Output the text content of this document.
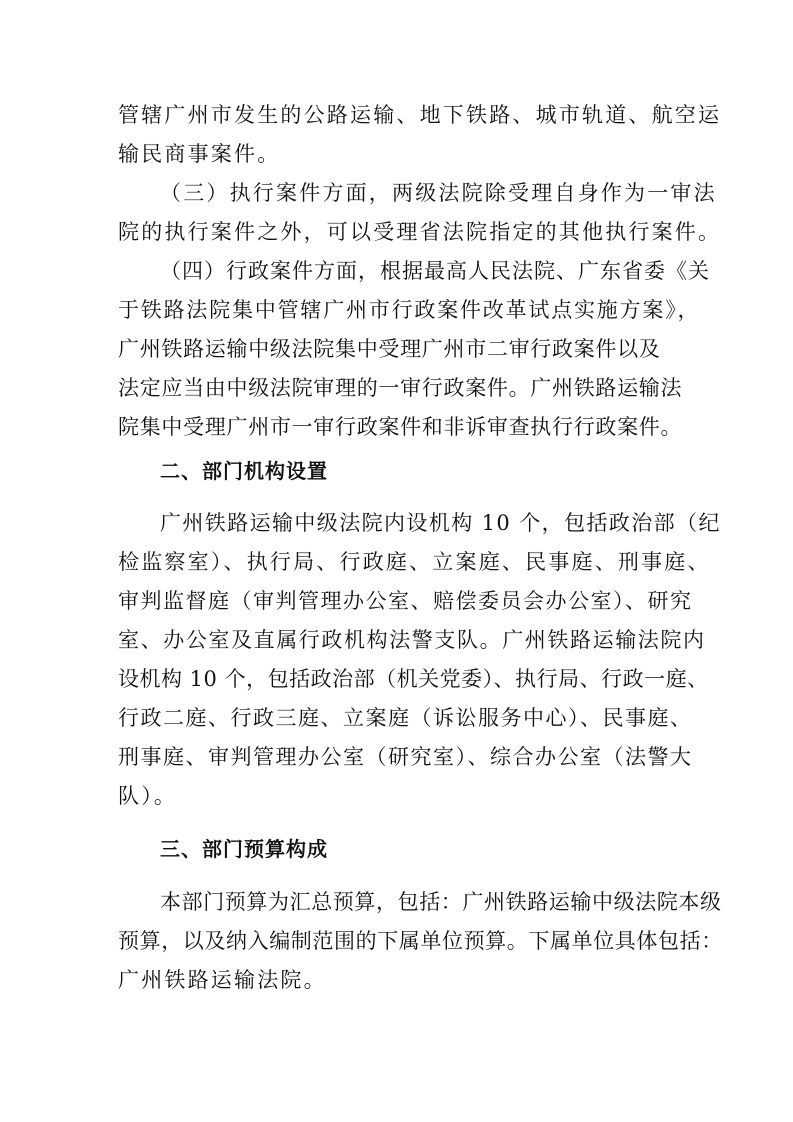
管辖广州市发生的公路运输、地下铁路、城市轨道、航空运
输民商事案件。
（三）执行案件方面，两级法院除受理自身作为一审法
院的执行案件之外，可以受理省法院指定的其他执行案件。
（四）行政案件方面，根据最高人民法院、广东省委《关
于铁路法院集中管辖广州市行政案件改革试点实施方案》，
广州铁路运输中级法院集中受理广州市二审行政案件以及
法定应当由中级法院审理的一审行政案件。广州铁路运输法
院集中受理广州市一审行政案件和非诉审查执行行政案件。
二、部门机构设置
广州铁路运输中级法院内设机构 10 个，包括政治部（纪
检监察室）、执行局、行政庭、立案庭、民事庭、刑事庭、
审判监督庭（审判管理办公室、赔偿委员会办公室）、研究
室、办公室及直属行政机构法警支队。广州铁路运输法院内
设机构 10 个，包括政治部（机关党委）、执行局、行政一庭、
行政二庭、行政三庭、立案庭（诉讼服务中心）、民事庭、
刑事庭、审判管理办公室（研究室）、综合办公室（法警大
队）。
三、部门预算构成
本部门预算为汇总预算，包括：广州铁路运输中级法院本级
预算，以及纳入编制范围的下属单位预算。下属单位具体包括：
广州铁路运输法院。
